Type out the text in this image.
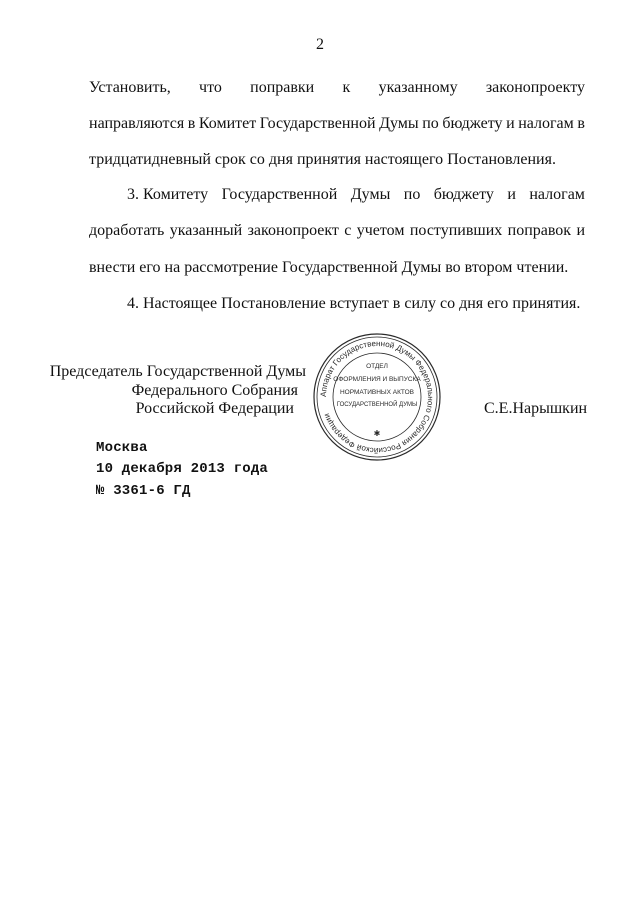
2
Установить, что поправки к указанному законопроекту
направляются в Комитет Государственной Думы по бюджету и налогам в
тридцатидневный срок со дня принятия настоящего Постановления.
3. Комитету Государственной Думы по бюджету и налогам
доработать указанный законопроект с учетом поступивших поправок и
внести его на рассмотрение Государственной Думы во втором чтении.
4. Настоящее Постановление вступает в силу со дня его принятия.
Председатель Государственной Думы
Федерального Собрания
Российской Федерации	С.Е.Нарышкин
Аппарат Государственной Думы Федерального Собрания Российской Федерации
ОТДЕЛ
ОФОРМЛЕНИЯ И ВЫПУСКА
НОРМАТИВНЫХ АКТОВ
ГОСУДАРСТВЕННОЙ ДУМЫ
✱
Москва
10 декабря 2013 года
№ 3361-6 ГД
